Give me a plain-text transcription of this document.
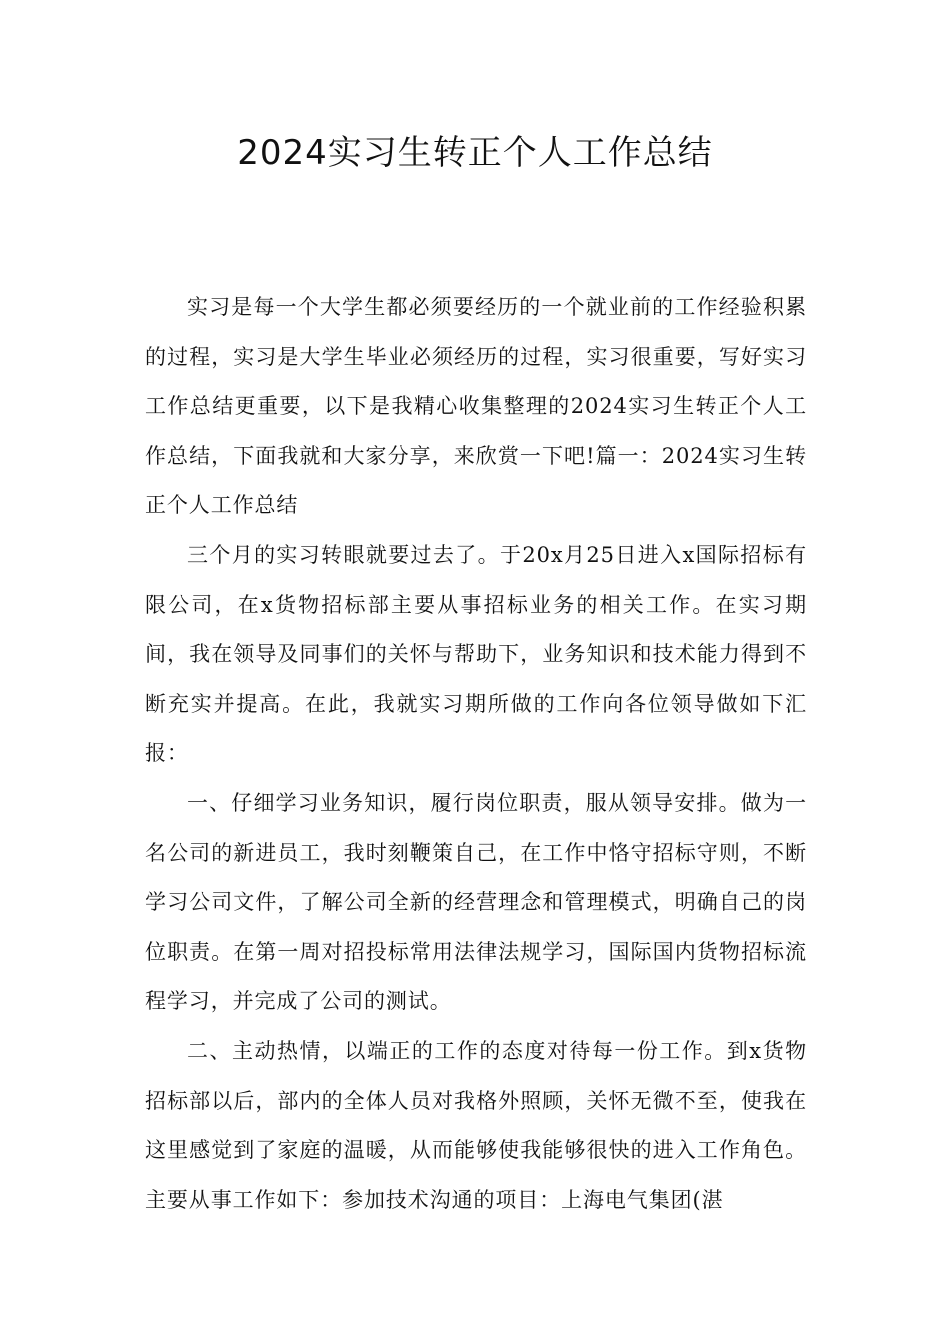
2024实习生转正个人工作总结

实习是每一个大学生都必须要经历的一个就业前的工作经验积累的过程，实习是大学生毕业必须经历的过程，实习很重要，写好实习工作总结更重要，以下是我精心收集整理的2024实习生转正个人工作总结，下面我就和大家分享，来欣赏一下吧!篇一：2024实习生转正个人工作总结

三个月的实习转眼就要过去了。于20x月25日进入x国际招标有限公司，在x货物招标部主要从事招标业务的相关工作。在实习期间，我在领导及同事们的关怀与帮助下，业务知识和技术能力得到不断充实并提高。在此，我就实习期所做的工作向各位领导做如下汇报：

一、仔细学习业务知识，履行岗位职责，服从领导安排。做为一名公司的新进员工，我时刻鞭策自己，在工作中恪守招标守则，不断学习公司文件，了解公司全新的经营理念和管理模式，明确自己的岗位职责。在第一周对招投标常用法律法规学习，国际国内货物招标流程学习，并完成了公司的测试。

二、主动热情，以端正的工作的态度对待每一份工作。到x货物招标部以后，部内的全体人员对我格外照顾，关怀无微不至，使我在这里感觉到了家庭的温暖，从而能够使我能够很快的进入工作角色。主要从事工作如下：参加技术沟通的项目：上海电气集团(湛
